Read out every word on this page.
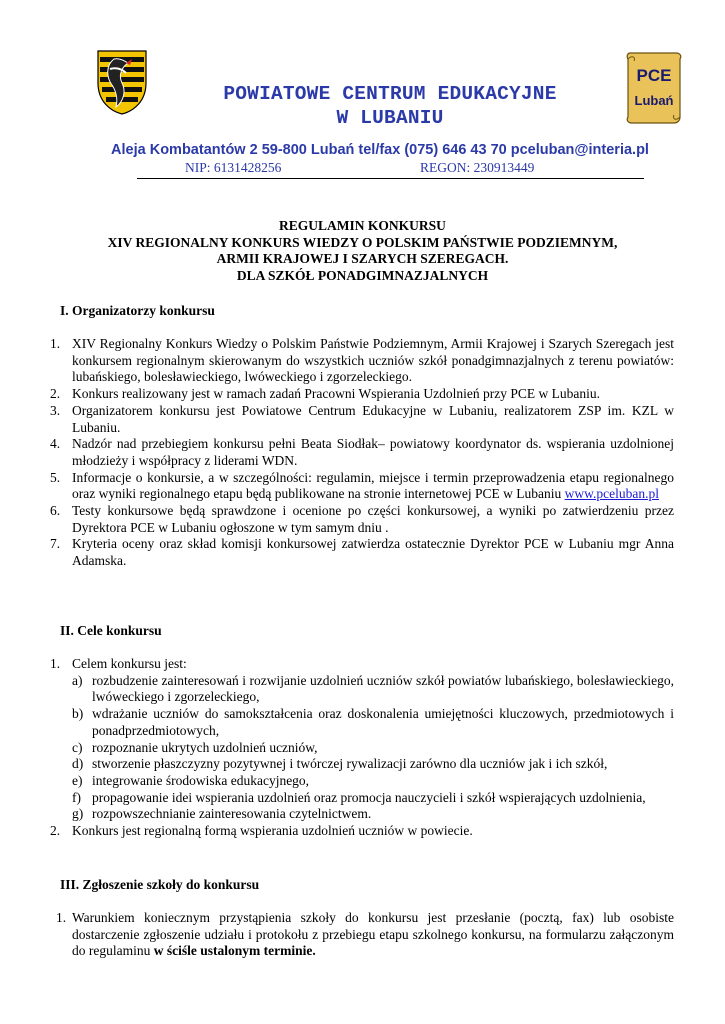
PCE
Lubań
POWIATOWE CENTRUM EDUKACYJNE
W LUBANIU
Aleja Kombatantów 2 59-800 Lubań tel/fax (075) 646 43 70 pceluban@interia.pl
NIP: 6131428256	REGON: 230913449
REGULAMIN KONKURSU
XIV REGIONALNY KONKURS WIEDZY O POLSKIM PAŃSTWIE PODZIEMNYM,
ARMII KRAJOWEJ I SZARYCH SZEREGACH.
DLA SZKÓŁ PONADGIMNAZJALNYCH
I. Organizatorzy konkursu
1. XIV Regionalny Konkurs Wiedzy o Polskim Państwie Podziemnym, Armii Krajowej i Szarych Szeregach jest konkursem regionalnym skierowanym do wszystkich uczniów szkół ponadgimnazjalnych z terenu powiatów: lubańskiego, bolesławieckiego, lwóweckiego i zgorzeleckiego.
2. Konkurs realizowany jest w ramach zadań Pracowni Wspierania Uzdolnień przy PCE w Lubaniu.
3. Organizatorem konkursu jest Powiatowe Centrum Edukacyjne w Lubaniu, realizatorem ZSP im. KZL w Lubaniu.
4. Nadzór nad przebiegiem konkursu pełni Beata Siodłak– powiatowy koordynator ds. wspierania uzdolnionej młodzieży i współpracy z liderami WDN.
5. Informacje o konkursie, a w szczególności: regulamin, miejsce i termin przeprowadzenia etapu regionalnego oraz wyniki regionalnego etapu będą publikowane na stronie internetowej PCE w Lubaniu www.pceluban.pl
6. Testy konkursowe będą sprawdzone i ocenione po części konkursowej, a wyniki po zatwierdzeniu przez Dyrektora PCE w Lubaniu ogłoszone w tym samym dniu .
7. Kryteria oceny oraz skład komisji konkursowej zatwierdza ostatecznie Dyrektor PCE w Lubaniu mgr Anna Adamska.
II. Cele konkursu
1. Celem konkursu jest:
a) rozbudzenie zainteresowań i rozwijanie uzdolnień uczniów szkół powiatów lubańskiego, bolesławieckiego, lwóweckiego i zgorzeleckiego,
b) wdrażanie uczniów do samokształcenia oraz doskonalenia umiejętności kluczowych, przedmiotowych i ponadprzedmiotowych,
c) rozpoznanie ukrytych uzdolnień uczniów,
d) stworzenie płaszczyzny pozytywnej i twórczej rywalizacji zarówno dla uczniów jak i ich szkół,
e) integrowanie środowiska edukacyjnego,
f) propagowanie idei wspierania uzdolnień oraz promocja nauczycieli i szkół wspierających uzdolnienia,
g) rozpowszechnianie zainteresowania czytelnictwem.
2. Konkurs jest regionalną formą wspierania uzdolnień uczniów w powiecie.
III. Zgłoszenie szkoły do konkursu
1. Warunkiem koniecznym przystąpienia szkoły do konkursu jest przesłanie (pocztą, fax) lub osobiste dostarczenie zgłoszenie udziału i protokołu z przebiegu etapu szkolnego konkursu, na formularzu załączonym do regulaminu w ściśle ustalonym terminie.
